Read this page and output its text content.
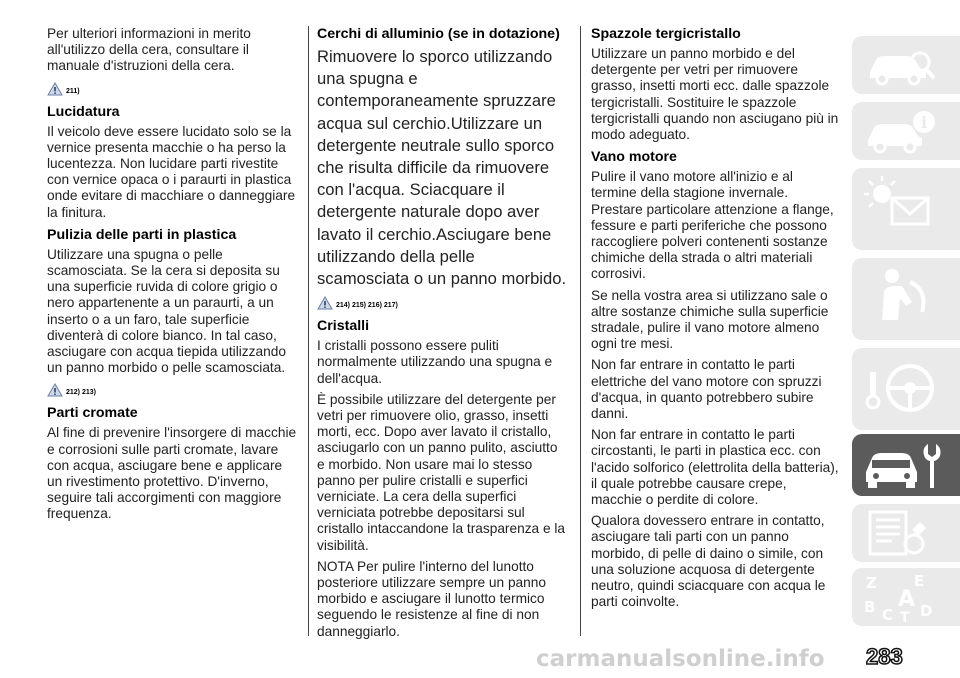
Per ulteriori informazioni in merito all'utilizzo della cera, consultare il manuale d'istruzioni della cera.

211)
Lucidatura

Il veicolo deve essere lucidato solo se la vernice presenta macchie o ha perso la lucentezza. Non lucidare parti rivestite con vernice opaca o i paraurti in plastica onde evitare di macchiare o danneggiare la finitura.

Pulizia delle parti in plastica

Utilizzare una spugna o pelle scamosciata. Se la cera si deposita su una superficie ruvida di colore grigio o nero appartenente a un paraurti, a un inserto o a un faro, tale superficie diventerà di colore bianco. In tal caso, asciugare con acqua tiepida utilizzando un panno morbido o pelle scamosciata.

212) 213)
Parti cromate

Al fine di prevenire l'insorgere di macchie e corrosioni sulle parti cromate, lavare con acqua, asciugare bene e applicare un rivestimento protettivo. D'inverno, seguire tali accorgimenti con maggiore frequenza.

Cerchi di alluminio (se in dotazione)

Rimuovere lo sporco utilizzando una spugna e contemporaneamente spruzzare acqua sul cerchio.Utilizzare un detergente neutrale sullo sporco che risulta difficile da rimuovere con l'acqua. Sciacquare il detergente naturale dopo aver lavato il cerchio.Asciugare bene utilizzando della pelle scamosciata o un panno morbido.

214) 215) 216) 217)
Cristalli

I cristalli possono essere puliti normalmente utilizzando una spugna e dell'acqua.

È possibile utilizzare del detergente per vetri per rimuovere olio, grasso, insetti morti, ecc. Dopo aver lavato il cristallo, asciugarlo con un panno pulito, asciutto e morbido. Non usare mai lo stesso panno per pulire cristalli e superfici verniciate. La cera della superfici verniciata potrebbe depositarsi sul cristallo intaccandone la trasparenza e la visibilità.

NOTA Per pulire l'interno del lunotto posteriore utilizzare sempre un panno morbido e asciugare il lunotto termico seguendo le resistenze al fine di non danneggiarlo.

Spazzole tergicristallo

Utilizzare un panno morbido e del detergente per vetri per rimuovere grasso, insetti morti ecc. dalle spazzole tergicristalli. Sostituire le spazzole tergicristalli quando non asciugano più in modo adeguato.

Vano motore

Pulire il vano motore all'inizio e al termine della stagione invernale. Prestare particolare attenzione a flange, fessure e parti periferiche che possono raccogliere polveri contenenti sostanze chimiche della strada o altri materiali corrosivi.

Se nella vostra area si utilizzano sale o altre sostanze chimiche sulla superficie stradale, pulire il vano motore almeno ogni tre mesi.

Non far entrare in contatto le parti elettriche del vano motore con spruzzi d'acqua, in quanto potrebbero subire danni.

Non far entrare in contatto le parti circostanti, le parti in plastica ecc. con l'acido solforico (elettrolita della batteria), il quale potrebbe causare crepe, macchie o perdite di colore.

Qualora dovessero entrare in contatto, asciugare tali parti con un panno morbido, di pelle di daino o simile, con una soluzione acquosa di detergente neutro, quindi sciacquare con acqua le parti coinvolte.

i
Z E
A
B C T D
carmanualsonline.info 283
